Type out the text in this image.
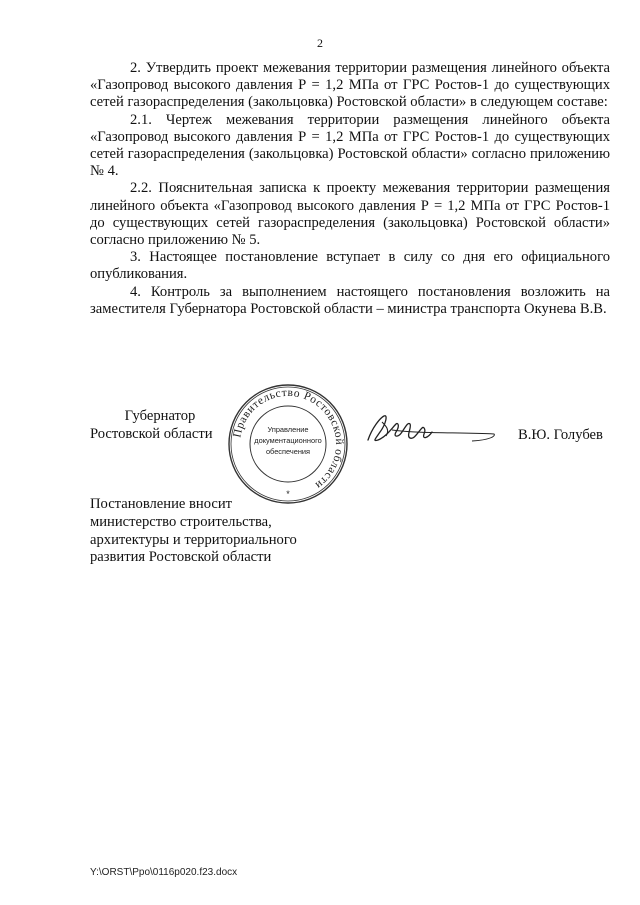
2

2. Утвердить проект межевания территории размещения линейного объекта «Газопровод высокого давления Р = 1,2 МПа от ГРС Ростов-1 до существующих сетей газораспределения (закольцовка) Ростовской области» в следующем составе:

2.1. Чертеж межевания территории размещения линейного объекта «Газопровод высокого давления Р = 1,2 МПа от ГРС Ростов-1 до существующих сетей газораспределения (закольцовка) Ростовской области» согласно приложению № 4.

2.2. Пояснительная записка к проекту межевания территории размещения линейного объекта «Газопровод высокого давления Р = 1,2 МПа от ГРС Ростов-1 до существующих сетей газораспределения (закольцовка) Ростовской области» согласно приложению № 5.

3. Настоящее постановление вступает в силу со дня его официального опубликования.

4. Контроль за выполнением настоящего постановления возложить на заместителя Губернатора Ростовской области – министра транспорта Окунева В.В.

Губернатор
Ростовской области	Правительство Ростовской области
Управление
документационного
обеспечения
*
В.Ю. Голубев
Постановление вносит
министерство строительства,
архитектуры и территориального
развития Ростовской области
Y:\ORST\Ppo\0116p020.f23.docx
